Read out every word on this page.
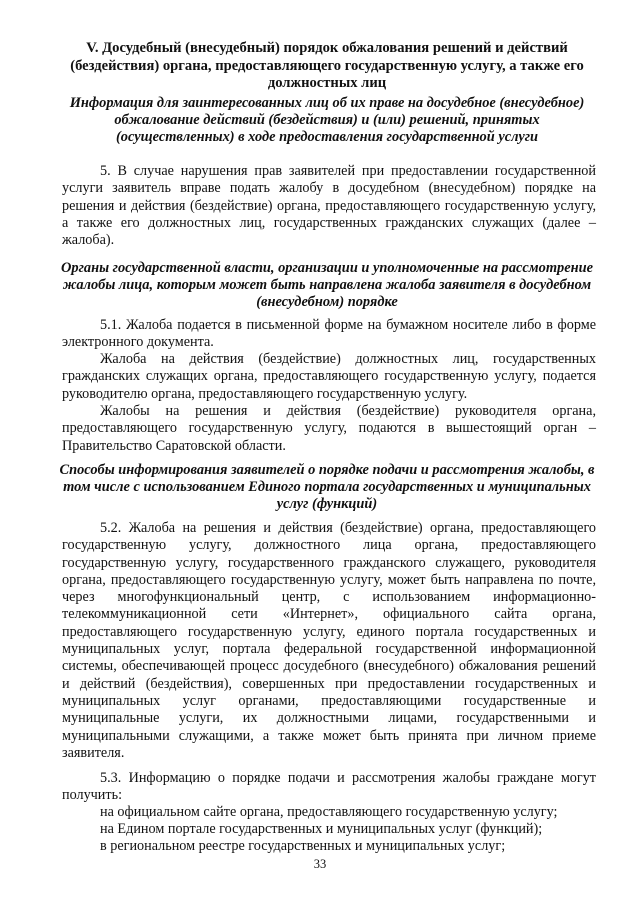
V. Досудебный (внесудебный) порядок обжалования решений и действий (бездействия) органа, предоставляющего государственную услугу, а также его должностных лиц
Информация для заинтересованных лиц об их праве на досудебное (внесудебное) обжалование действий (бездействия) и (или) решений, принятых (осуществленных) в ходе предоставления государственной услуги

5. В случае нарушения прав заявителей при предоставлении государственной услуги заявитель вправе подать жалобу в досудебном (внесудебном) порядке на решения и действия (бездействие) органа, предоставляющего государственную услугу, а также его должностных лиц, государственных гражданских служащих (далее – жалоба).

Органы государственной власти, организации и уполномоченные на рассмотрение жалобы лица, которым может быть направлена жалоба заявителя в досудебном (внесудебном) порядке

5.1. Жалоба подается в письменной форме на бумажном носителе либо в форме электронного документа.

Жалоба на действия (бездействие) должностных лиц, государственных гражданских служащих органа, предоставляющего государственную услугу, подается руководителю органа, предоставляющего государственную услугу.

Жалобы на решения и действия (бездействие) руководителя органа, предоставляющего государственную услугу, подаются в вышестоящий орган – Правительство Саратовской области.

Способы информирования заявителей о порядке подачи и рассмотрения жалобы, в том числе с использованием Единого портала государственных и муниципальных услуг (функций)

5.2. Жалоба на решения и действия (бездействие) органа, предоставляющего государственную услугу, должностного лица органа, предоставляющего государственную услугу, государственного гражданского служащего, руководителя органа, предоставляющего государственную услугу, может быть направлена по почте, через многофункциональный центр, с использованием информационно-телекоммуникационной сети «Интернет», официального сайта органа, предоставляющего государственную услугу, единого портала государственных и муниципальных услуг, портала федеральной государственной информационной системы, обеспечивающей процесс досудебного (внесудебного) обжалования решений и действий (бездействия), совершенных при предоставлении государственных и муниципальных услуг органами, предоставляющими государственные и муниципальные услуги, их должностными лицами, государственными и муниципальными служащими, а также может быть принята при личном приеме заявителя.

5.3. Информацию о порядке подачи и рассмотрения жалобы граждане могут получить:

на официальном сайте органа, предоставляющего государственную услугу;

на Едином портале государственных и муниципальных услуг (функций);

в региональном реестре государственных и муниципальных услуг;

33
